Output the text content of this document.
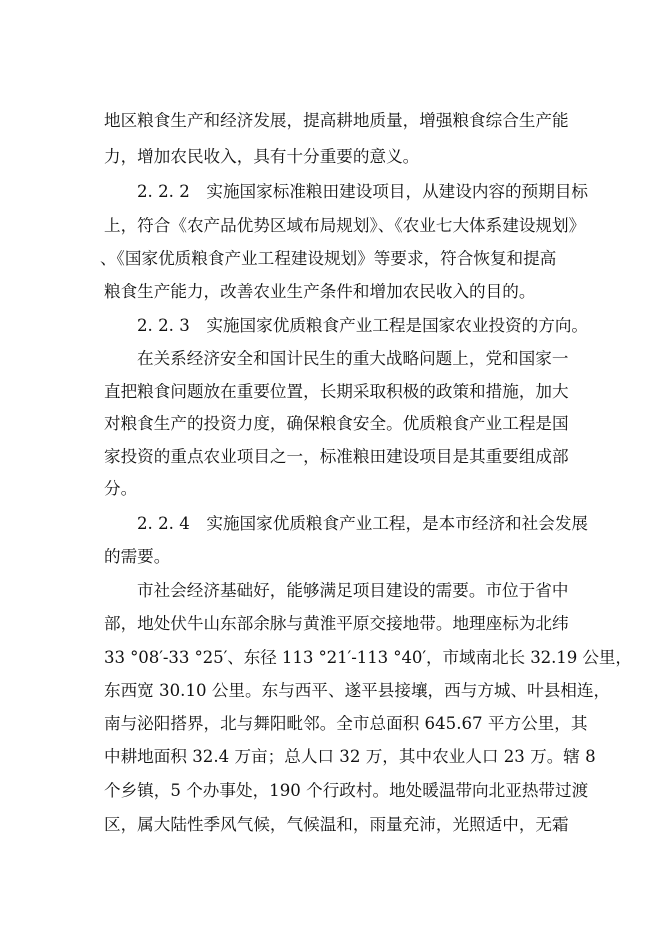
地区粮食生产和经济发展，提高耕地质量，增强粮食综合生产能
力，增加农民收入，具有十分重要的意义。
2. 2. 2　实施国家标准粮田建设项目，从建设内容的预期目标
上，符合《农产品优势区域布局规划》、《农业七大体系建设规划》
、《国家优质粮食产业工程建设规划》等要求，符合恢复和提高
粮食生产能力，改善农业生产条件和增加农民收入的目的。
2. 2. 3　实施国家优质粮食产业工程是国家农业投资的方向。
在关系经济安全和国计民生的重大战略问题上，党和国家一
直把粮食问题放在重要位置，长期采取积极的政策和措施，加大
对粮食生产的投资力度，确保粮食安全。优质粮食产业工程是国
家投资的重点农业项目之一，标准粮田建设项目是其重要组成部
分。
2. 2. 4　实施国家优质粮食产业工程，是本市经济和社会发展
的需要。
市社会经济基础好，能够满足项目建设的需要。市位于省中
部，地处伏牛山东部余脉与黄淮平原交接地带。地理座标为北纬
33 °08′-33 °25′、东径 113 °21′-113 °40′，市域南北长 32.19 公里，
东西宽 30.10 公里。东与西平、遂平县接壤，西与方城、叶县相连，
南与泌阳搭界，北与舞阳毗邻。全市总面积 645.67 平方公里，其
中耕地面积 32.4 万亩；总人口 32 万，其中农业人口 23 万。辖 8
个乡镇，5 个办事处，190 个行政村。地处暖温带向北亚热带过渡
区，属大陆性季风气候，气候温和，雨量充沛，光照适中，无霜
